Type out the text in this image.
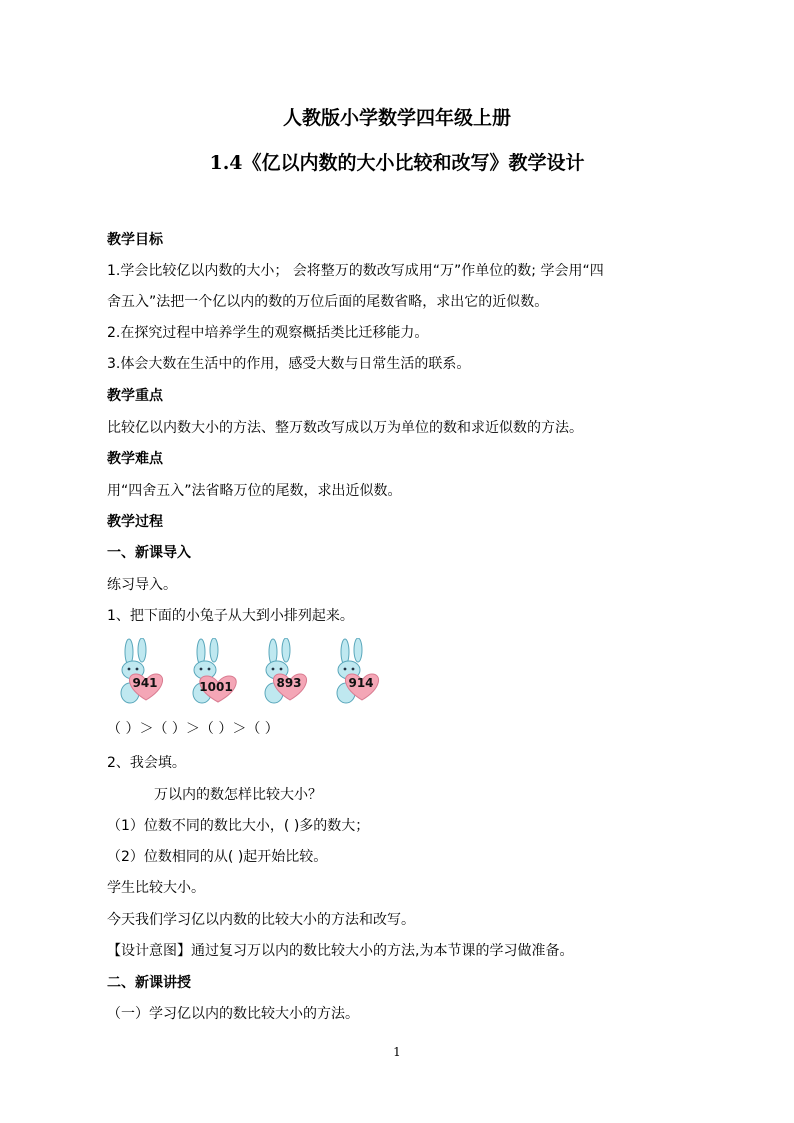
人教版小学数学四年级上册
1.4《亿以内数的大小比较和改写》教学设计
教学目标
1.学会比较亿以内数的大小； 会将整万的数改写成用“万”作单位的数; 学会用“四
舍五入”法把一个亿以内的数的万位后面的尾数省略，求出它的近似数。
2.在探究过程中培养学生的观察概括类比迁移能力。
3.体会大数在生活中的作用，感受大数与日常生活的联系。
教学重点
比较亿以内数大小的方法、整万数改写成以万为单位的数和求近似数的方法。
教学难点
用“四舍五入”法省略万位的尾数，求出近似数。
教学过程
一、新课导入
练习导入。
1、把下面的小兔子从大到小排列起来。
941	1001	893	914
（ ）＞（ ）＞（ ）＞（ ）
2、我会填。
万以内的数怎样比较大小？
（1）位数不同的数比大小，( )多的数大；
（2）位数相同的从( )起开始比较。
学生比较大小。
今天我们学习亿以内数的比较大小的方法和改写。
【设计意图】通过复习万以内的数比较大小的方法,为本节课的学习做准备。
二、新课讲授
（一）学习亿以内的数比较大小的方法。
1
